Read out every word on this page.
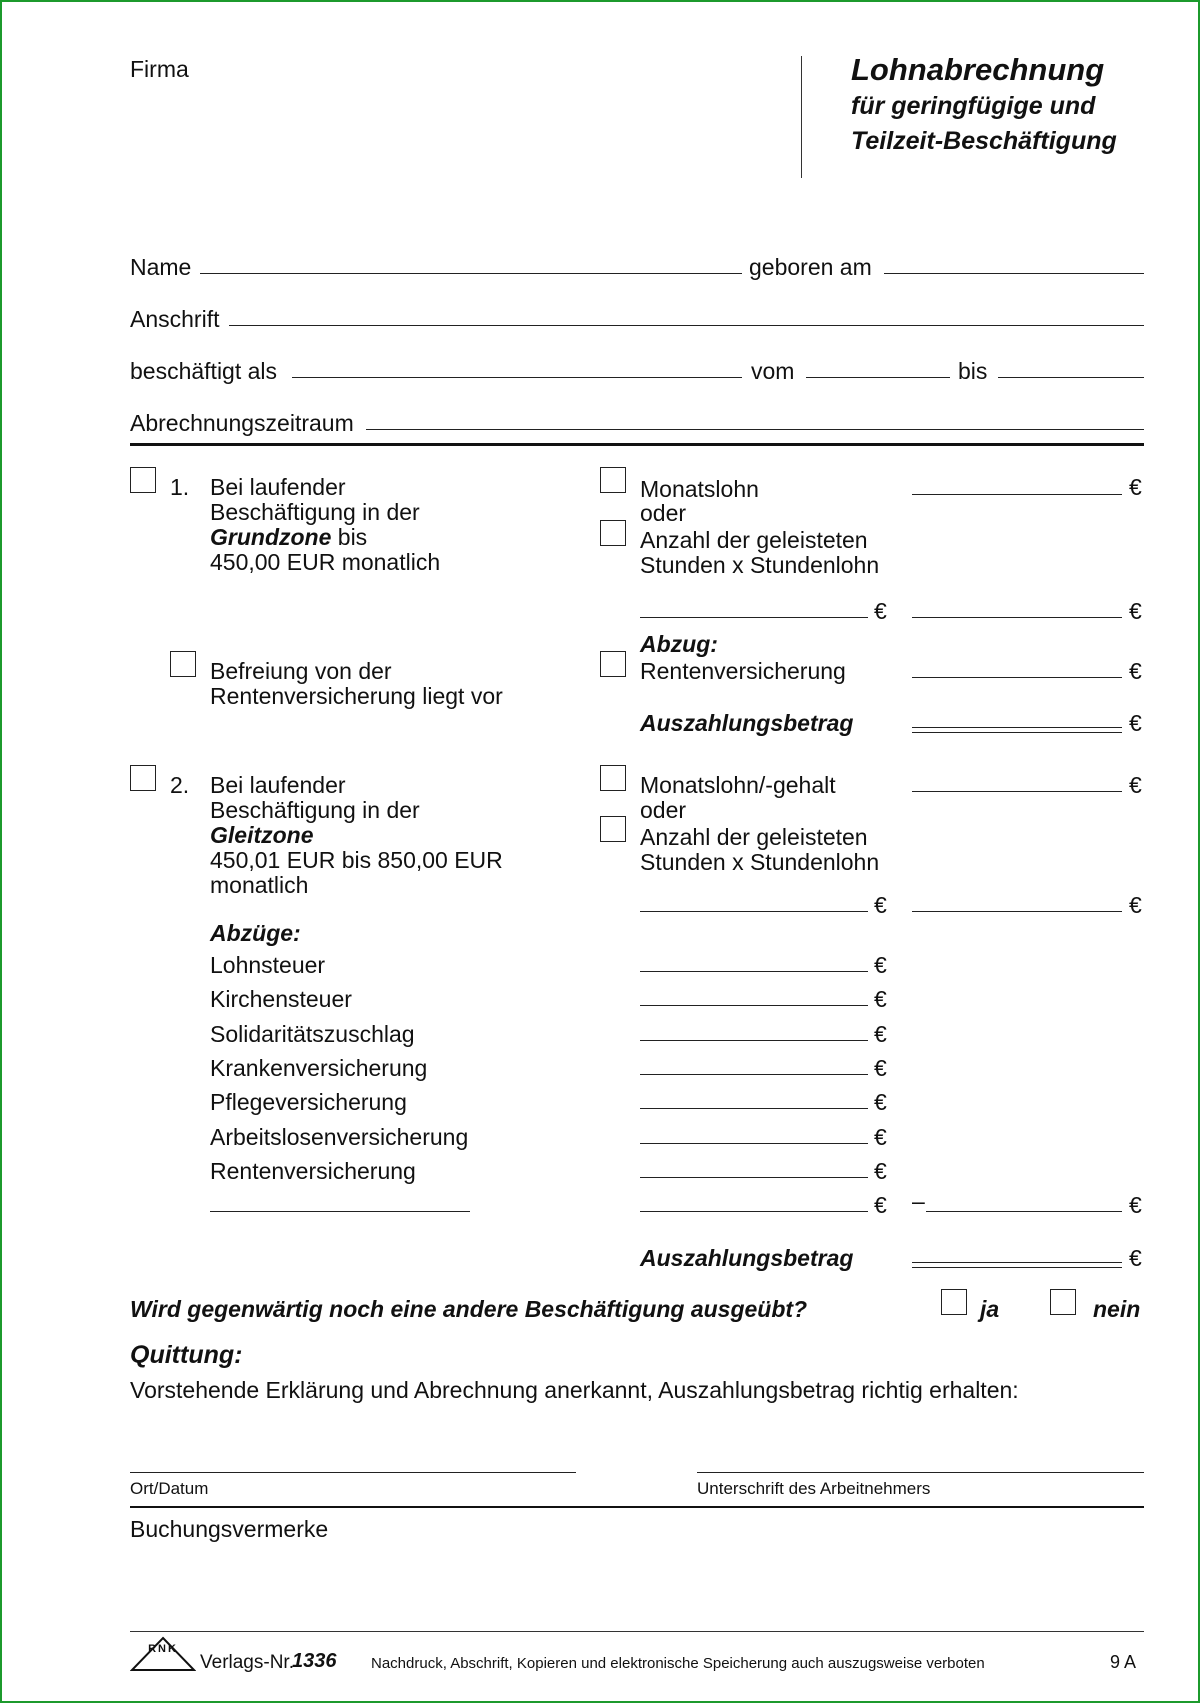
Firma	Lohnabrechnung
für geringfügige und
Teilzeit-Beschäftigung
Name	geboren am
Anschrift
beschäftigt als	vom	bis
Abrechnungszeitraum
1. Bei laufender
Beschäftigung in der
Grundzone bis
450,00 EUR monatlich
Monatslohn	€
oder
Anzahl der geleisteten
Stunden x Stundenlohn
€	€
Abzug:
Rentenversicherung	€
Befreiung von der
Rentenversicherung liegt vor
Auszahlungsbetrag	€
2. Bei laufender
Beschäftigung in der
Gleitzone
450,01 EUR bis 850,00 EUR
monatlich
Monatslohn/-gehalt	€
oder
Anzahl der geleisteten
Stunden x Stundenlohn
€	€
Abzüge:
Lohnsteuer	€
Kirchensteuer	€
Solidaritätszuschlag	€
Krankenversicherung	€
Pflegeversicherung	€
Arbeitslosenversicherung	€
Rentenversicherung	€
€ –	€
Auszahlungsbetrag	€
Wird gegenwärtig noch eine andere Beschäftigung ausgeübt?	ja	nein
Quittung:
Vorstehende Erklärung und Abrechnung anerkannt, Auszahlungsbetrag richtig erhalten:
Ort/Datum	Unterschrift des Arbeitnehmers
Buchungsvermerke
RNK
Verlags-Nr.
1336 Nachdruck, Abschrift, Kopieren und elektronische Speicherung auch auszugsweise verboten	9 A
